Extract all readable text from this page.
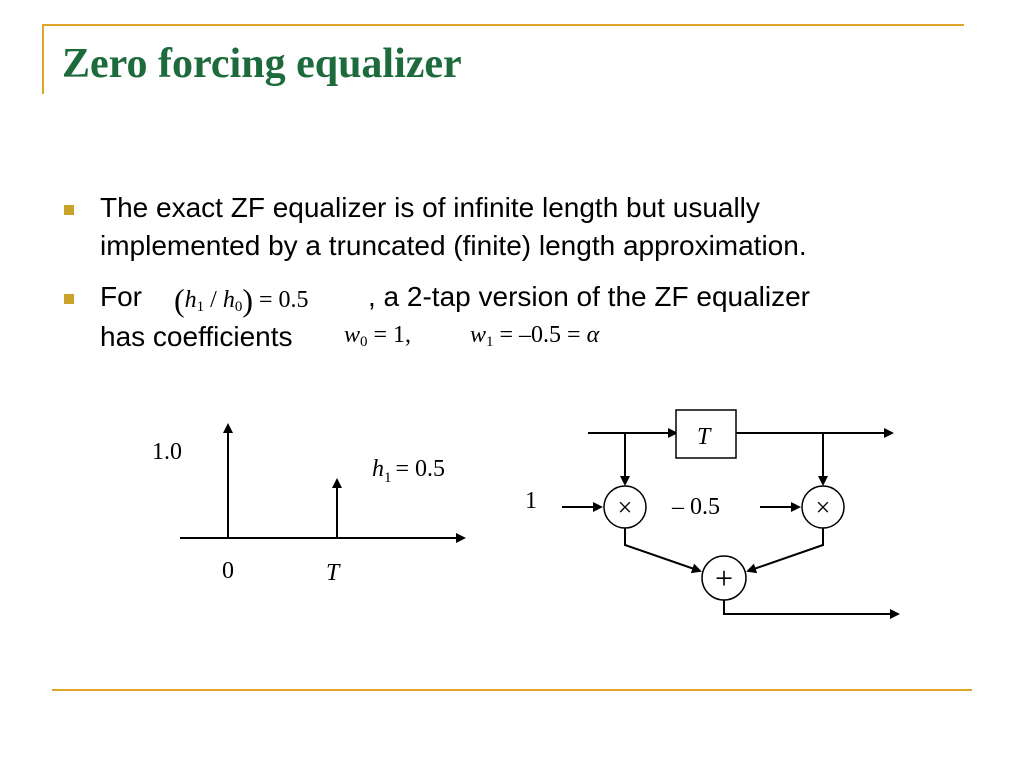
Zero forcing equalizer
The exact ZF equalizer is of infinite length but usually
implemented by a truncated (finite) length approximation.
For $(h_1 / h_0) = 0.5$ , a 2-tap version of the ZF equalizer
has coefficients $w_0 = 1$, $w_1 = -0.5 = \alpha$
1.0
0	T
$h_1 = 0.5$
T
1	– 0.5
×	×
+
